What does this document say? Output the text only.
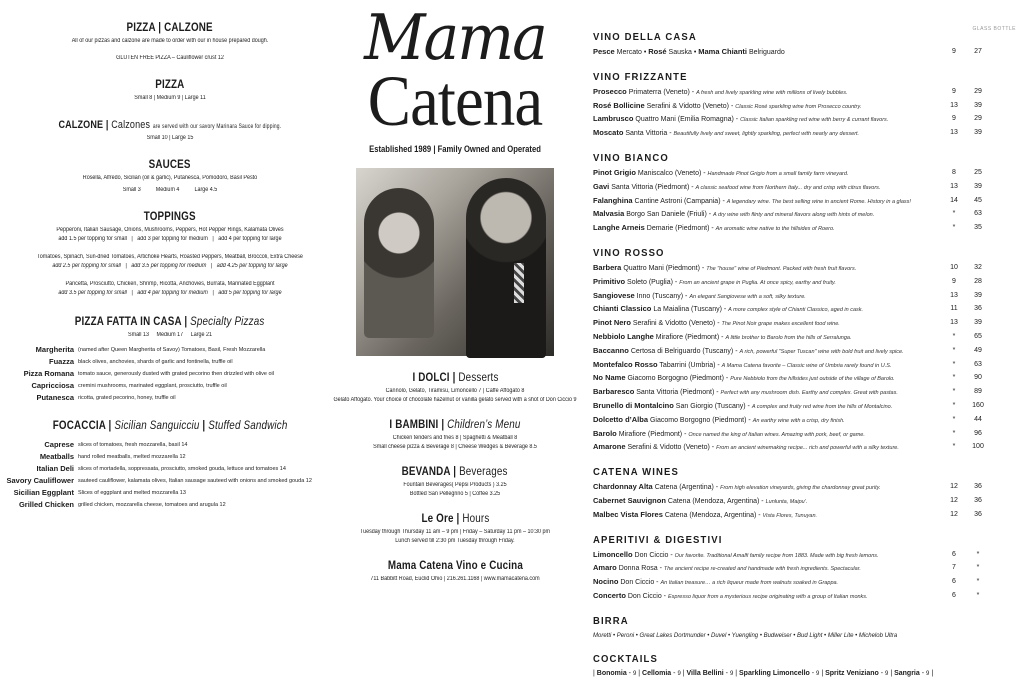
PIZZA | CALZONE
All of our pizzas and calzone are made to order with our in house prepared dough.
GLUTEN FREE PIZZA – Cauliflower crust 12
PIZZA
Small 8 | Medium 9 | Large 11
CALZONE | Calzones are served with our savory Marinara Sauce for dipping.
Small 10 | Large 15
SAUCES
Rosella, Alfredo, Sicilian (oil & garlic), Putanesca, Pomodoro, Basil Pesto
Small 3          Medium 4          Large 4.5
TOPPINGS
Pepperoni, Italian Sausage, Onions, Mushrooms, Peppers, Hot Pepper Rings, Kalamata Olives
add 1.5 per topping for small   |   add 3 per topping for medium   |   add 4 per topping for large
Tomatoes, Spinach, Sun-dried Tomatoes, Artichoke Hearts, Roasted Peppers, Meatball, Broccoli, Extra Cheese
add 2.5 per topping for small   |   add 3.5 per topping for medium   |   add 4.25 per topping for large
Pancetta, Prosciutto, Chicken, Shrimp, Ricotta, Anchovies, Burrata, Marinated Eggplant
add 3.5 per topping for small   |   add 4 per topping for medium   |   add 5 per topping for large
PIZZA FATTA IN CASA | Specialty Pizzas
Small 13     Medium 17     Large 21
Margherita (named after Queen Margherita of Savoy) Tomatoes, Basil, Fresh Mozzarella
Fuazza black olives, anchovies, shards of garlic and fontinella, truffle oil
Pizza Romana tomato sauce, generously dusted with grated pecorino then drizzled with olive oil
Capricciosa cremini mushrooms, marinated eggplant, prosciutto, truffle oil
Putanesca ricotta, grated pecorino, honey, truffle oil
FOCACCIA | Sicilian Sanguicciu | Stuffed Sandwich
Caprese slices of tomatoes, fresh mozzarella, basil 14
Meatballs hand rolled meatballs, melted mozzarella 12
Italian Deli slices of mortadella, soppressata, prosciutto, smoked gouda, lettuce and tomatoes 14
Savory Cauliflower sauteed cauliflower, kalamata olives, Italian sausage sauteed with onions and smoked gouda 12
Sicilian Eggplant Slices of eggplant and melted mozzarella 13
Grilled Chicken grilled chicken, mozzarella cheese, tomatoes and arugula 12
Mama
Catena
Established 1989 | Family Owned and Operated
I DOLCI | Desserts
Cannolo, Gelato, Tiramisu, Limoncello 7 | Caffe Affogato 8
Gelato Affogato. Your choice of chocolate hazelnut or vanilla gelato served with a shot of Don Ciccio 9
I BAMBINI | Children’s Menu
Chicken tenders and fries 8 | Spaghetti & Meatball 8
Small cheese pizza & Beverage 8 | Cheese Wedges & Beverage 8.5
BEVANDA | Beverages
Fountain Beverages( Pepsi Products ) 3.25
Bottled San Pellegrino 5 | Coffee 3.25
Le Ore | Hours
Tuesday through Thursday 11 am – 9 pm | Friday – Saturday 11 pm – 10:30 pm
Lunch served till 2:30 pm Tuesday through Friday.
Mama Catena Vino e Cucina
711 Babbitt Road, Euclid Ohio | 216.261.1168 | www.mamacatena.com
GLASS BOTTLE
VINO DELLA CASA
Pesce Mercato • Rosé Sauska • Mama Chianti Belriguardo	9	27
VINO FRIZZANTE
Prosecco Primaterra (Veneto) - A fresh and lively sparkling wine with millions of lively bubbles.	9	29
Rosé Bollicine Serafini & Vidotto (Veneto) - Classic Rosé sparkling wine from Prosecco country.	13	39
Lambrusco Quattro Mani (Emilia Romagna) - Classic Italian sparkling red wine with berry & currant flavors.	9	29
Moscato Santa Vittoria - Beautifully lively and sweet, lightly sparkling, perfect with nearly any dessert.	13	39
VINO BIANCO
Pinot Grigio Maniscalco (Veneto) - Handmade Pinot Grigio from a small family farm vineyard.	8	25
Gavi Santa Vittoria (Piedmont) - A classic seafood wine from Northern Italy... dry and crisp with citrus flavors.	13	39
Falanghina Cantine Astroni (Campania) - A legendary wine. The best selling wine in ancient Rome. History in a glass!	14	45
Malvasia Borgo San Daniele (Friuli) - A dry wine with flinty and mineral flavors along with hints of melon.	*	63
Langhe Arneis Demarie (Piedmont) - An aromatic wine native to the hillsides of Roero.	*	35
VINO ROSSO
Barbera Quattro Mani (Piedmont) - The "house" wine of Piedmont. Packed with fresh fruit flavors.	10	32
Primitivo Soleto (Puglia) - From an ancient grape in Puglia. At once spicy, earthy and fruity.	9	28
Sangiovese Inno (Tuscany) - An elegant Sangiovese with a soft, silky texture.	13	39
Chianti Classico La Maialina (Tuscany) - A more complex style of Chianti Classico, aged in cask.	11	36
Pinot Nero Serafini & Vidotto (Veneto) - The Pinot Noir grape makes excellent food wine.	13	39
Nebbiolo Langhe Mirafiore (Piedmont) - A little brother to Barolo from the hills of Serralunga.	*	65
Baccanno Certosa di Belriguardo (Tuscany) - A rich, powerful "Super Tuscan" wine with bold fruit and lively spice.	*	49
Montefalco Rosso Tabarrini (Umbria) - A Mama Catena favorite – Classic wine of Umbria rarely found in U.S.	*	63
No Name Giacomo Borgogno (Piedmont) - Pure Nebbiolo from the hillsides just outside of the village of Barolo.	*	90
Barbaresco Santa Vittoria (Piedmont) - Perfect with any mushroom dish. Earthy and complex. Great with pastas.	*	89
Brunello di Montalcino San Giorgio (Tuscany) - A complex and fruity red wine from the hills of Montalcino.	*	160
Dolcetto d’Alba Giacomo Borgogno (Piedmont) - An earthy wine with a crisp, dry finish.	*	44
Barolo Mirafiore (Piedmont) - Once named the king of Italian wines. Amazing with pork, beef, or game.	*	96
Amarone Serafini & Vidotto (Veneto) - From an ancient winemaking recipe... rich and powerful with a silky texture.	*	100
CATENA WINES
Chardonnay Alta Catena (Argentina) - From high elevation vineyards, giving the chardonnay great purity.	12	36
Cabernet Sauvignon Catena (Mendoza, Argentina) - Lunlunta, Maipu’.	12	36
Malbec Vista Flores Catena (Mendoza, Argentina) - Vista Flores, Tunuyan.	12	36
APERITIVI & DIGESTIVI
Limoncello Don Ciccio - Our favorite. Traditional Amalfi family recipe from 1883. Made with big fresh lemons.	6	*
Amaro Donna Rosa - The ancient recipe re-created and handmade with fresh ingredients. Spectacular.	7	*
Nocino Don Ciccio - An Italian treasure… a rich liqueur made from walnuts soaked in Grappa.	6	*
Concerto Don Ciccio - Espresso liquor from a mysterious recipe originating with a group of Italian monks.	6	*
BIRRA
Moretti • Peroni • Great Lakes Dortmunder • Duvel • Yuengling • Budweiser • Bud Light • Miller Lite • Michelob Ultra
COCKTAILS
| Bonomia - 9 | Cellomia - 9 | Villa Bellini - 9 | Sparkling Limoncello - 9 | Spritz Veniziano - 9 | Sangria - 9 |
